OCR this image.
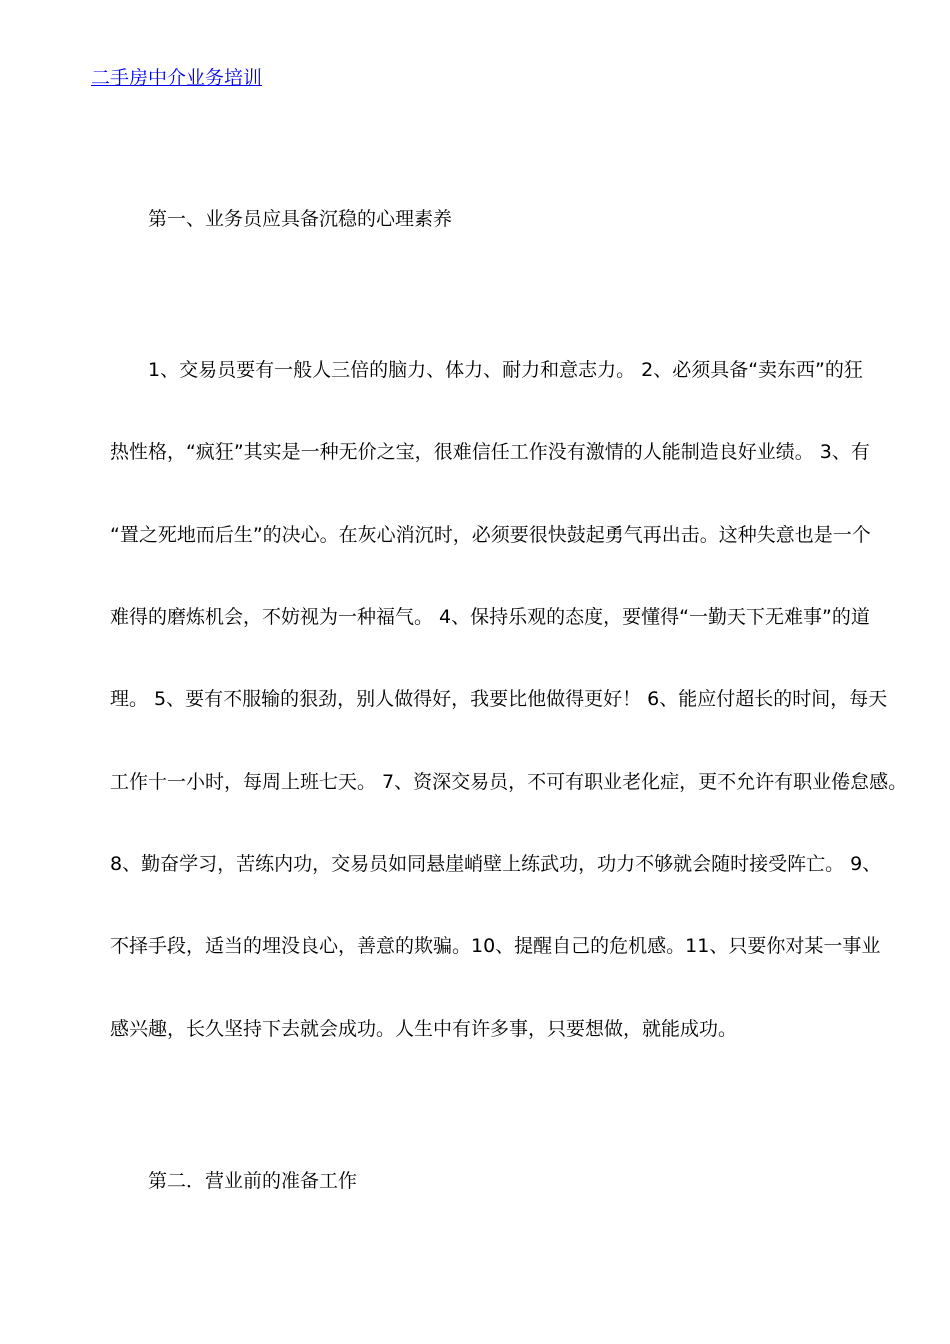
二手房中介业务培训
第一、业务员应具备沉稳的心理素养
　　1、交易员要有一般人三倍的脑力、体力、耐力和意志力。 2、必须具备“卖东西”的狂
热性格，“疯狂”其实是一种无价之宝，很难信任工作没有激情的人能制造良好业绩。 3、有
“置之死地而后生”的决心。在灰心消沉时，必须要很快鼓起勇气再出击。这种失意也是一个
难得的磨炼机会，不妨视为一种福气。 4、保持乐观的态度，要懂得“一勤天下无难事”的道
理。 5、要有不服输的狠劲，别人做得好，我要比他做得更好！ 6、能应付超长的时间，每天
工作十一小时，每周上班七天。 7、资深交易员，不可有职业老化症，更不允许有职业倦怠感。
8、勤奋学习，苦练内功，交易员如同悬崖峭壁上练武功，功力不够就会随时接受阵亡。 9、
不择手段，适当的埋没良心，善意的欺骗。10、提醒自己的危机感。11、只要你对某一事业
感兴趣，长久坚持下去就会成功。人生中有许多事，只要想做，就能成功。
第二．营业前的准备工作
